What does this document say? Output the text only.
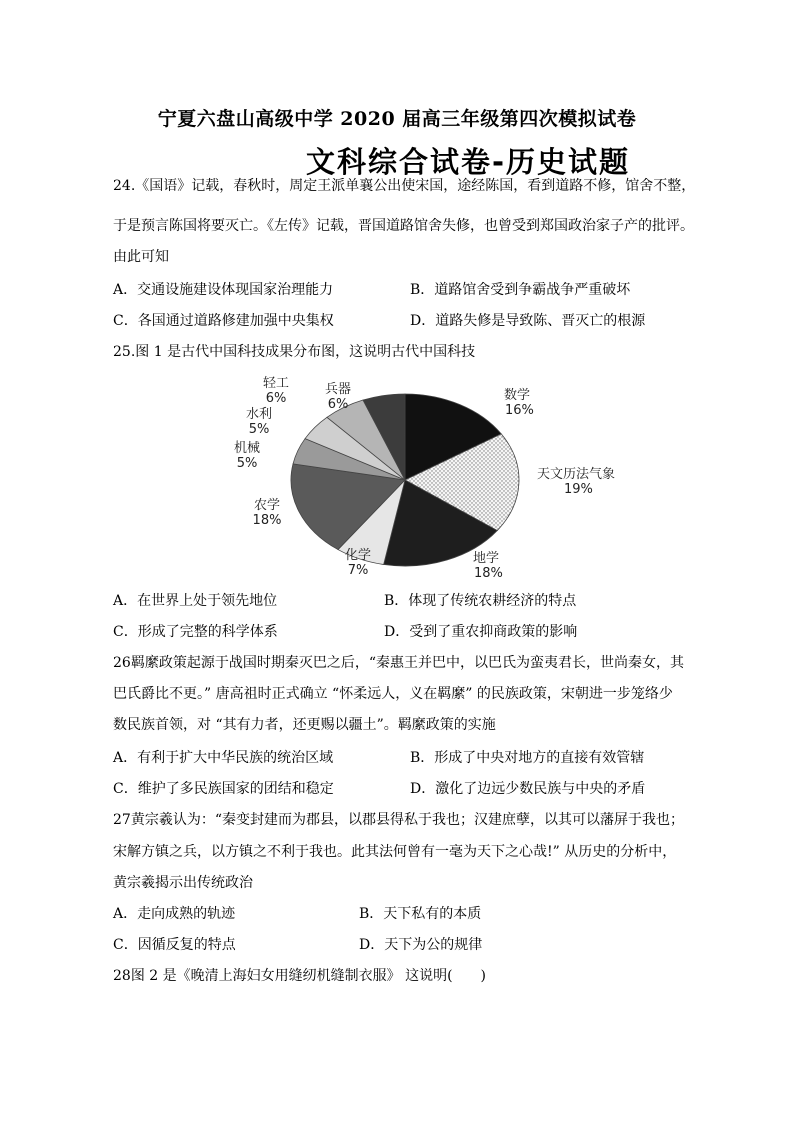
宁夏六盘山高级中学 2020 届高三年级第四次模拟试卷
文科综合试卷-历史试题
24.《国语》记载，春秋时，周定王派单襄公出使宋国，途经陈国，看到道路不修，馆舍不整，
于是预言陈国将要灭亡。《左传》记载，晋国道路馆舍失修，也曾受到郑国政治家子产的批评。
由此可知
A．交通设施建设体现国家治理能力	B．道路馆舍受到争霸战争严重破坏
C．各国通过道路修建加强中央集权	D．道路失修是导致陈、晋灭亡的根源
25.图 1 是古代中国科技成果分布图，这说明古代中国科技
数学
16%
天文历法气象
19%
地学
18%
化学
7%
农学
18%
机械
5%
水利
5%
轻工
6%
兵器
6%
A．在世界上处于领先地位	B．体现了传统农耕经济的特点
C．形成了完整的科学体系	D．受到了重农抑商政策的影响
26羁縻政策起源于战国时期秦灭巴之后，“秦惠王并巴中，以巴氏为蛮夷君长，世尚秦女，其
巴氏爵比不更。” 唐高祖时正式确立 “怀柔远人，义在羁縻” 的民族政策，宋朝进一步笼络少
数民族首领，对 “其有力者，还更赐以疆土”。羁縻政策的实施
A．有利于扩大中华民族的统治区域	B．形成了中央对地方的直接有效管辖
C．维护了多民族国家的团结和稳定	D．激化了边远少数民族与中央的矛盾
27黄宗羲认为：“秦变封建而为郡县，以郡县得私于我也；汉建庶孽，以其可以藩屏于我也；
宋解方镇之兵，以方镇之不利于我也。此其法何曾有一毫为天下之心哉!” 从历史的分析中，
黄宗羲揭示出传统政治
A．走向成熟的轨迹	B．天下私有的本质
C．因循反复的特点	D．天下为公的规律
28图 2 是《晚清上海妇女用缝纫机缝制衣服》 这说明(　　)
